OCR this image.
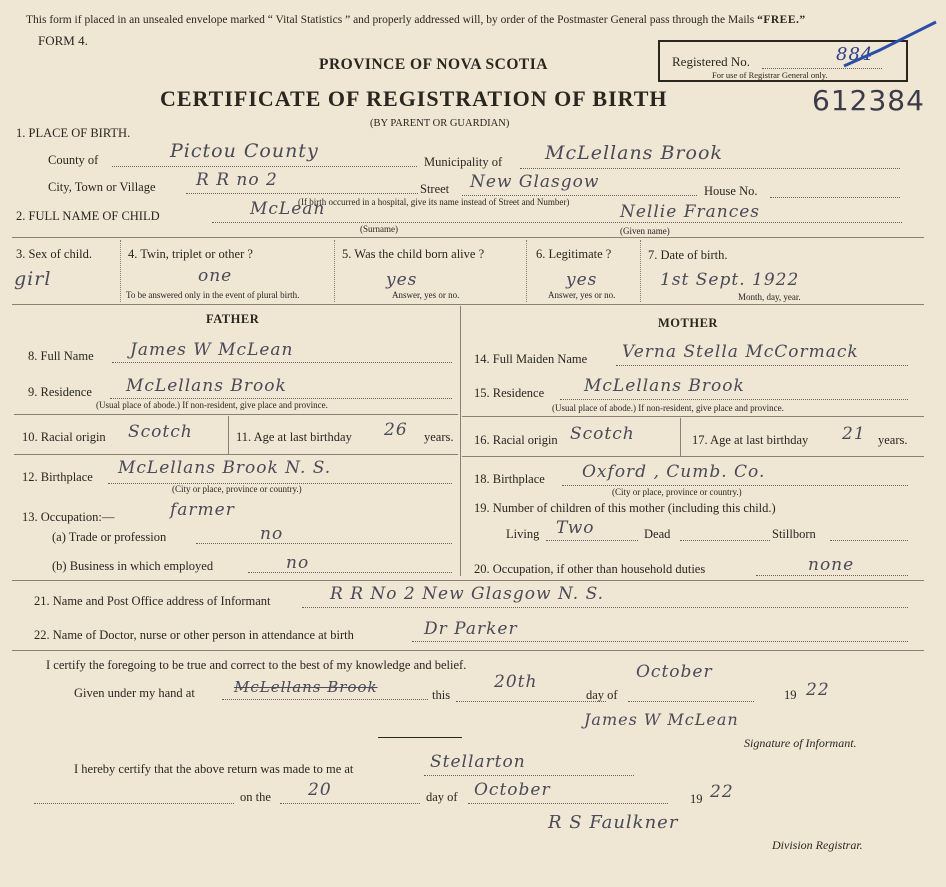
This form if placed in an unsealed envelope marked “ Vital Statistics ” and properly addressed will, by order of the Postmaster General pass through the Mails “FREE.”
FORM 4.
PROVINCE OF NOVA SCOTIA
CERTIFICATE OF REGISTRATION OF BIRTH
(BY PARENT OR GUARDIAN)
Registered No.	884
For use of Registrar General only.
612384
1. PLACE OF BIRTH.
County of	Pictou County	Municipality of McLellans Brook
City, Town or Village R R no 2	Street New Glasgow	House No.
(If birth occurred in a hospital, give its name instead of Street and Number)
2. FULL NAME OF CHILD	McLean	Nellie Frances
(Surname)	(Given name)
3. Sex of child.
girl
4. Twin, triplet or other ?
one
To be answered only in the event of plural birth.
5. Was the child born alive ?
yes
Answer, yes or no.
6. Legitimate ?
yes
Answer, yes or no.
7. Date of birth.
1st Sept. 1922
Month, day, year.
FATHER
8. Full Name James W McLean
9. Residence McLellans Brook
(Usual place of abode.) If non-resident, give place and province.
10. Racial origin Scotch	11. Age at last birthday 26 years.
12. Birthplace McLellans Brook N. S.
(City or place, province or country.)
13. Occupation:—	farmer
(a) Trade or profession	no
(b) Business in which employed	no
MOTHER
14. Full Maiden Name Verna Stella McCormack
15. Residence McLellans Brook
(Usual place of abode.) If non-resident, give place and province.
16. Racial origin Scotch	17. Age at last birthday 21 years.
18. Birthplace Oxford , Cumb. Co.
(City or place, province or country.)
19. Number of children of this mother (including this child.)
Living Two	Dead	Stillborn
20. Occupation, if other than household duties	none
21. Name and Post Office address of Informant	R R No 2 New Glasgow N. S.
22. Name of Doctor, nurse or other person in attendance at birth	Dr Parker
I certify the foregoing to be true and correct to the best of my knowledge and belief.
Given under my hand at	McLellans Brook	this
20th
day of
October
19 22
James W McLean
Signature of Informant.
I hereby certify that the above return was made to me at	Stellarton
on the 20	day of October	19 22
R S Faulkner
Division Registrar.
